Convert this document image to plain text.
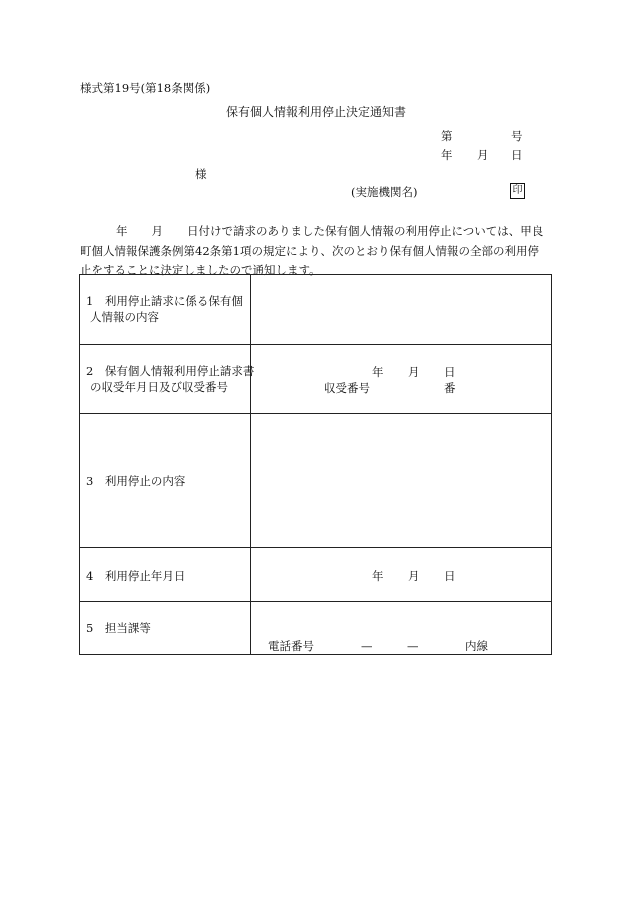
様式第19号(第18条関係)
保有個人情報利用停止決定通知書
第	号
年 月 日
様
(実施機関名)	印
年 月 日付けで請求のありました保有個人情報の利用停止については、甲良
町個人情報保護条例第42条第1項の規定により、次のとおり保有個人情報の全部の利用停
止をすることに決定しましたので通知します。
1　利用停止請求に係る保有個
人情報の内容
2　保有個人情報利用停止請求書
の収受年月日及び収受番号
年 月 日
収受番号	番
3　利用停止の内容
4　利用停止年月日	年 月 日
5　担当課等
電話番号	—	—	内線
